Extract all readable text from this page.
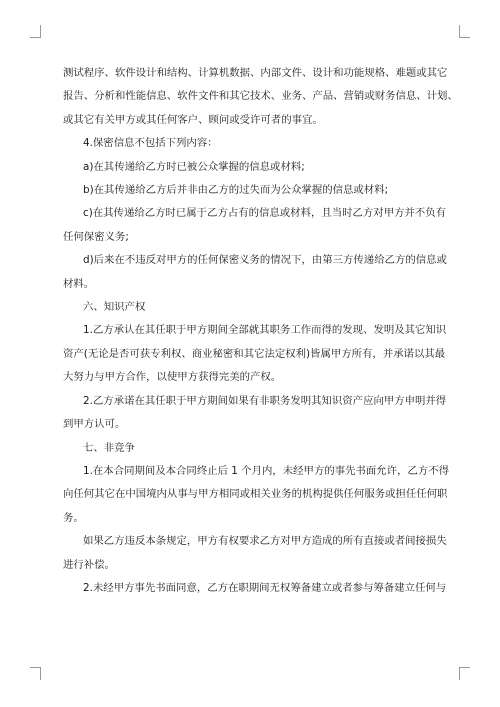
测试程序、软件设计和结构、计算机数据、内部文件、设计和功能规格、难题或其它

报告、分析和性能信息、软件文件和其它技术、业务、产品、营销或财务信息、计划、

或其它有关甲方或其任何客户、顾问或受许可者的事宜。

4.保密信息不包括下列内容：

a)在其传递给乙方时已被公众掌握的信息或材料;

b)在其传递给乙方后并非由乙方的过失而为公众掌握的信息或材料;

c)在其传递给乙方时已属于乙方占有的信息或材料，且当时乙方对甲方并不负有

任何保密义务;

d)后来在不违反对甲方的任何保密义务的情况下，由第三方传递给乙方的信息或

材料。

六、知识产权

1.乙方承认在其任职于甲方期间全部就其职务工作而得的发现、发明及其它知识

资产(无论是否可获专利权、商业秘密和其它法定权利)皆属甲方所有，并承诺以其最

大努力与甲方合作，以使甲方获得完美的产权。

2.乙方承诺在其任职于甲方期间如果有非职务发明其知识资产应向甲方申明并得

到甲方认可。

七、非竞争

1.在本合同期间及本合同终止后 1 个月内，未经甲方的事先书面允许，乙方不得

向任何其它在中国境内从事与甲方相同或相关业务的机构提供任何服务或担任任何职

务。

如果乙方违反本条规定，甲方有权要求乙方对甲方造成的所有直接或者间接损失

进行补偿。

2.未经甲方事先书面同意，乙方在职期间无权筹备建立或者参与筹备建立任何与
